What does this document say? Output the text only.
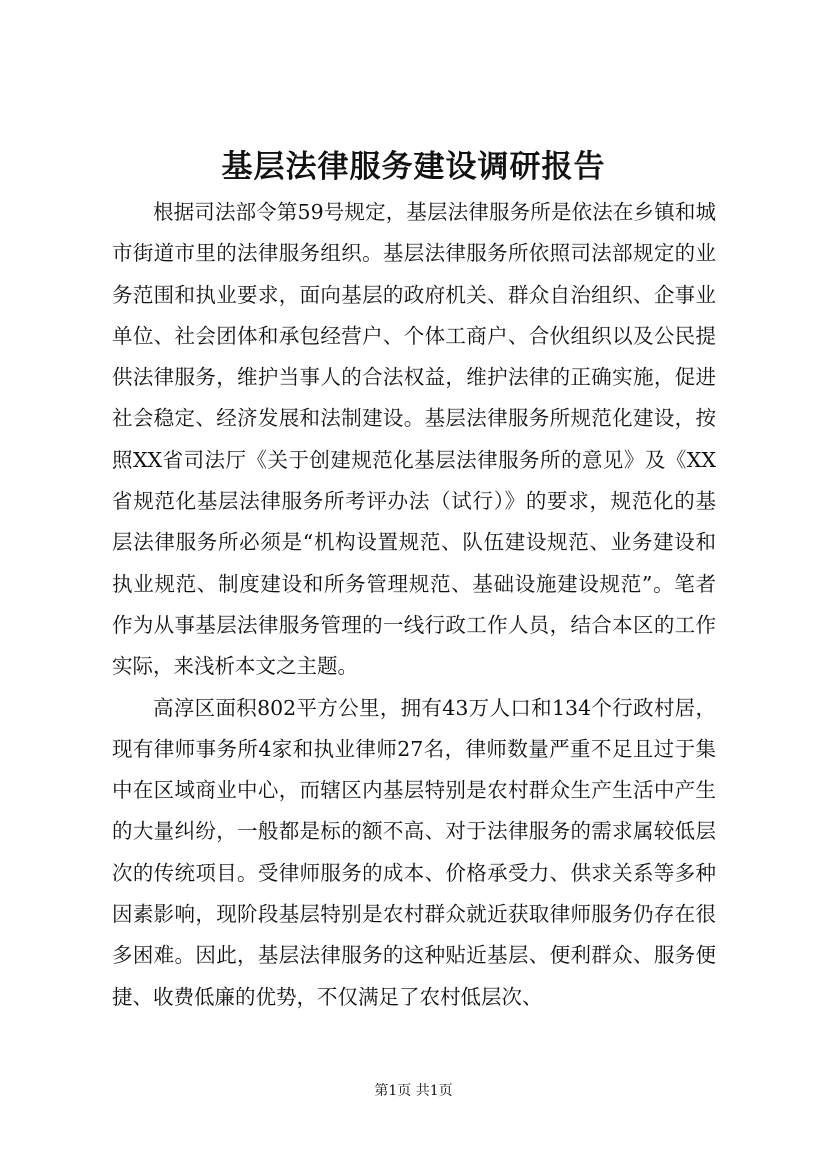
基层法律服务建设调研报告

根据司法部令第59号规定，基层法律服务所是依法在乡镇和城市街道市里的法律服务组织。基层法律服务所依照司法部规定的业务范围和执业要求，面向基层的政府机关、群众自治组织、企事业单位、社会团体和承包经营户、个体工商户、合伙组织以及公民提供法律服务，维护当事人的合法权益，维护法律的正确实施，促进社会稳定、经济发展和法制建设。基层法律服务所规范化建设，按照XX省司法厅《关于创建规范化基层法律服务所的意见》及《XX省规范化基层法律服务所考评办法（试行）》的要求，规范化的基层法律服务所必须是“机构设置规范、队伍建设规范、业务建设和执业规范、制度建设和所务管理规范、基础设施建设规范”。笔者作为从事基层法律服务管理的一线行政工作人员，结合本区的工作实际，来浅析本文之主题。

高淳区面积802平方公里，拥有43万人口和134个行政村居，现有律师事务所4家和执业律师27名，律师数量严重不足且过于集中在区域商业中心，而辖区内基层特别是农村群众生产生活中产生的大量纠纷，一般都是标的额不高、对于法律服务的需求属较低层次的传统项目。受律师服务的成本、价格承受力、供求关系等多种因素影响，现阶段基层特别是农村群众就近获取律师服务仍存在很多困难。因此，基层法律服务的这种贴近基层、便利群众、服务便捷、收费低廉的优势，不仅满足了农村低层次、

第1页 共1页
